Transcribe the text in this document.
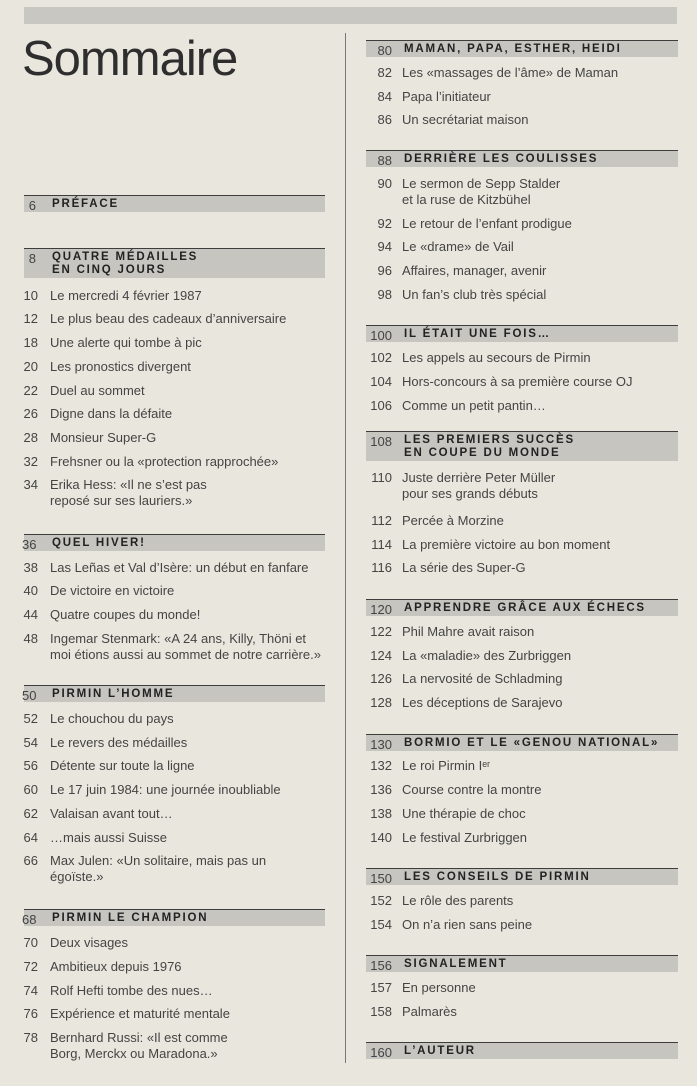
Sommaire
6 PRÉFACE
8 QUATRE MÉDAILLES
EN CINQ JOURS
10 Le mercredi 4 février 1987
12 Le plus beau des cadeaux d’anniversaire
18 Une alerte qui tombe à pic
20 Les pronostics divergent
22 Duel au sommet
26 Digne dans la défaite
28 Monsieur Super-G
32 Frehsner ou la «protection rapprochée»
34 Erika Hess: «Il ne s’est pas
reposé sur ses lauriers.»
36 QUEL HIVER!
38 Las Leñas et Val d’Isère: un début en fanfare
40 De victoire en victoire
44 Quatre coupes du monde!
48 Ingemar Stenmark: «A 24 ans, Killy, Thöni et
moi étions aussi au sommet de notre carrière.»
50 PIRMIN L’HOMME
52 Le chouchou du pays
54 Le revers des médailles
56 Détente sur toute la ligne
60 Le 17 juin 1984: une journée inoubliable
62 Valaisan avant tout…
64 …mais aussi Suisse
66 Max Julen: «Un solitaire, mais pas un
égoïste.»
68 PIRMIN LE CHAMPION
70 Deux visages
72 Ambitieux depuis 1976
74 Rolf Hefti tombe des nues…
76 Expérience et maturité mentale
78 Bernhard Russi: «Il est comme
Borg, Merckx ou Maradona.»
80 MAMAN, PAPA, ESTHER, HEIDI
82 Les «massages de l’âme» de Maman
84 Papa l’initiateur
86 Un secrétariat maison
88 DERRIÈRE LES COULISSES
90 Le sermon de Sepp Stalder
et la ruse de Kitzbühel
92 Le retour de l’enfant prodigue
94 Le «drame» de Vail
96 Affaires, manager, avenir
98 Un fan’s club très spécial
100 IL ÉTAIT UNE FOIS…
102 Les appels au secours de Pirmin
104 Hors-concours à sa première course OJ
106 Comme un petit pantin…
108 LES PREMIERS SUCCÈS
EN COUPE DU MONDE
110 Juste derrière Peter Müller
pour ses grands débuts
112 Percée à Morzine
114 La première victoire au bon moment
116 La série des Super-G
120 APPRENDRE GRÂCE AUX ÉCHECS
122 Phil Mahre avait raison
124 La «maladie» des Zurbriggen
126 La nervosité de Schladming
128 Les déceptions de Sarajevo
130 BORMIO ET LE «GENOU NATIONAL»
132 Le roi Pirmin Iᵉʳ
136 Course contre la montre
138 Une thérapie de choc
140 Le festival Zurbriggen
150 LES CONSEILS DE PIRMIN
152 Le rôle des parents
154 On n’a rien sans peine
156 SIGNALEMENT
157 En personne
158 Palmarès
160 L’AUTEUR
